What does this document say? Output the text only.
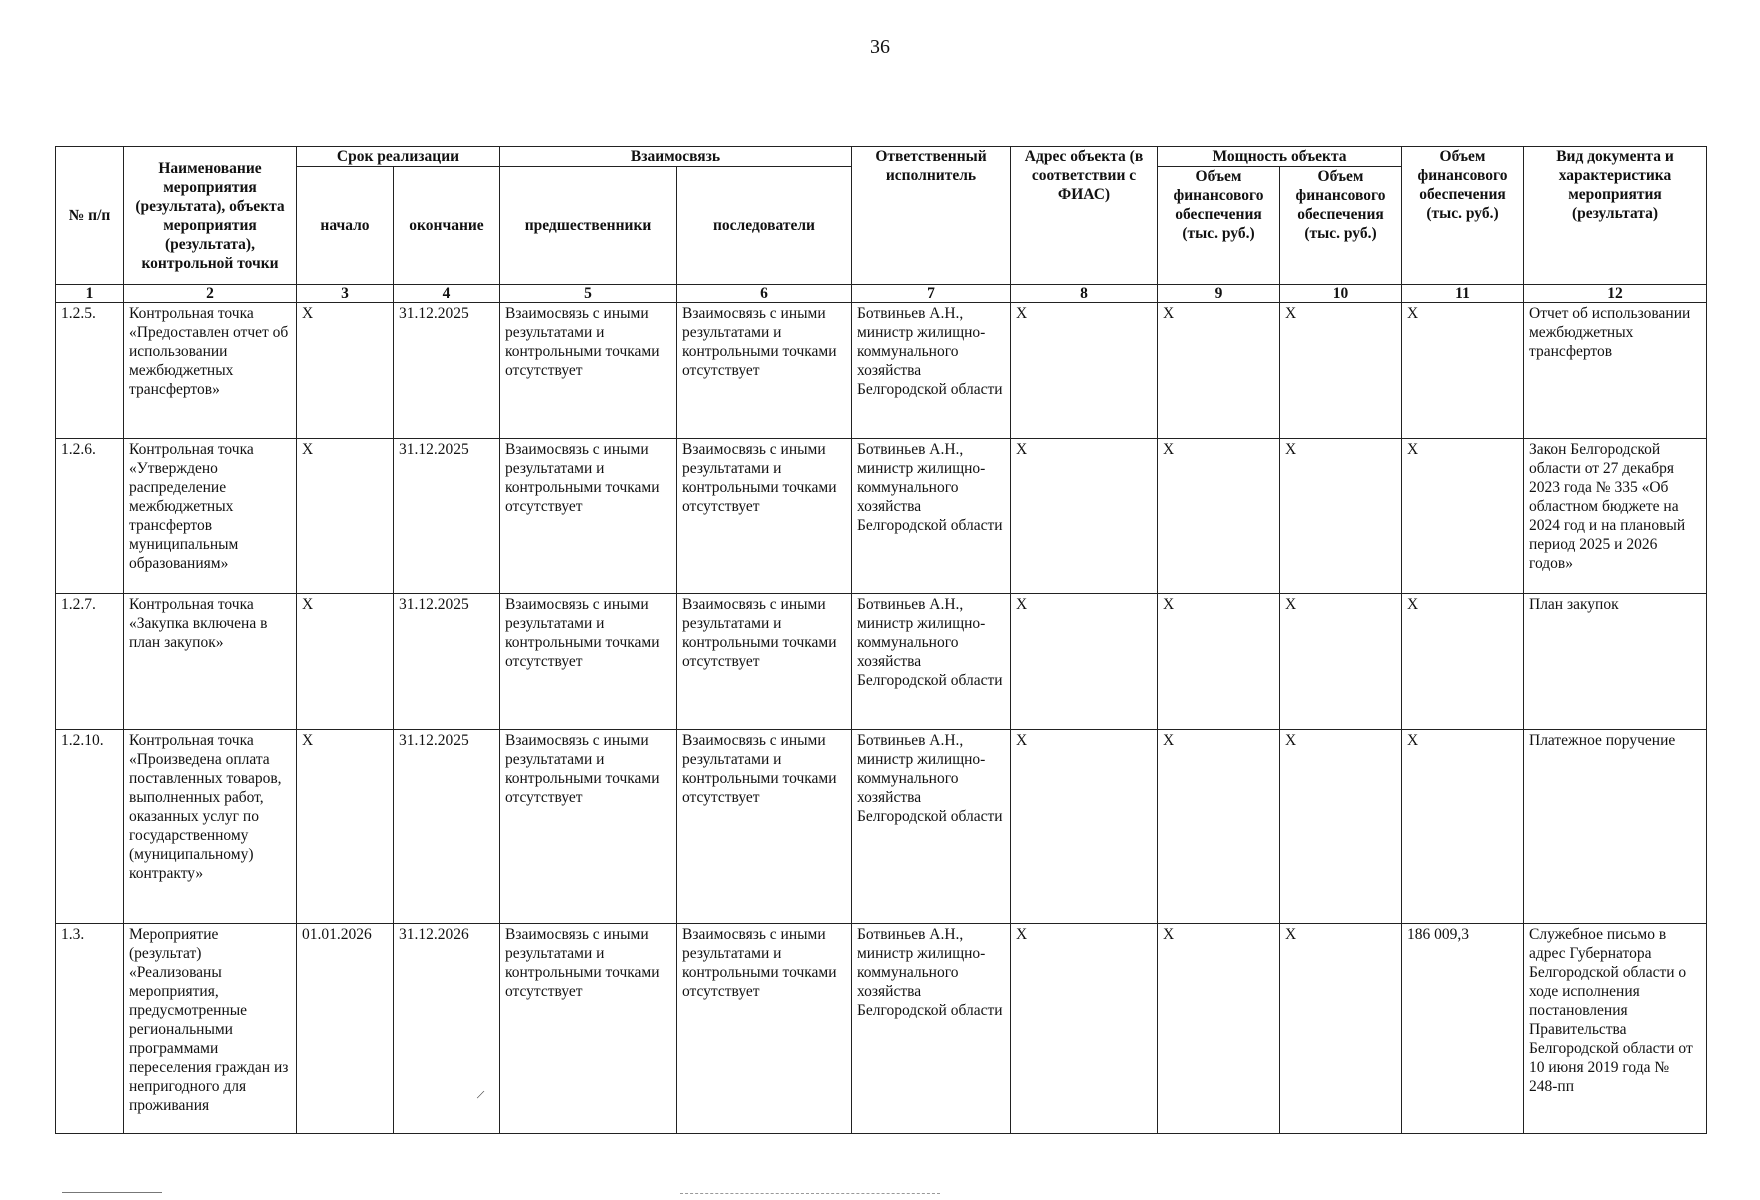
36
№ п/п	Наименование мероприятия (результата), объекта мероприятия (результата), контрольной точки	Срок реализации		Взаимосвязь		Ответственный исполнитель	Адрес объекта (в соответствии с ФИАС)	Мощность объекта		Объем финансового обеспечения (тыс. руб.)	Вид документа и характеристика мероприятия (результата)
		начало	окончание	предшественники	последователи			Объем финансового обеспечения (тыс. руб.)	Объем финансового обеспечения (тыс. руб.)		
1	2	3	4	5	6	7	8	9	10	11	12
1.2.5.	Контрольная точка «Предоставлен отчет об использовании межбюджетных трансфертов»	X	31.12.2025	Взаимосвязь с иными результатами и контрольными точками отсутствует	Взаимосвязь с иными результатами и контрольными точками отсутствует	Ботвиньев А.Н., министр жилищно-коммунального хозяйства Белгородской области	X	X	X	X	Отчет об использовании межбюджетных трансфертов
1.2.6.	Контрольная точка «Утверждено распределение межбюджетных трансфертов муниципальным образованиям»	X	31.12.2025	Взаимосвязь с иными результатами и контрольными точками отсутствует	Взаимосвязь с иными результатами и контрольными точками отсутствует	Ботвиньев А.Н., министр жилищно-коммунального хозяйства Белгородской области	X	X	X	X	Закон Белгородской области от 27 декабря 2023 года № 335 «Об областном бюджете на 2024 год и на плановый период 2025 и 2026 годов»
1.2.7.	Контрольная точка «Закупка включена в план закупок»	X	31.12.2025	Взаимосвязь с иными результатами и контрольными точками отсутствует	Взаимосвязь с иными результатами и контрольными точками отсутствует	Ботвиньев А.Н., министр жилищно-коммунального хозяйства Белгородской области	X	X	X	X	План закупок
1.2.10.	Контрольная точка «Произведена оплата поставленных товаров, выполненных работ, оказанных услуг по государственному (муниципальному) контракту»	X	31.12.2025	Взаимосвязь с иными результатами и контрольными точками отсутствует	Взаимосвязь с иными результатами и контрольными точками отсутствует	Ботвиньев А.Н., министр жилищно-коммунального хозяйства Белгородской области	X	X	X	X	Платежное поручение
1.3.	Мероприятие (результат) «Реализованы мероприятия, предусмотренные региональными программами переселения граждан из непригодного для проживания	01.01.2026	31.12.2026	Взаимосвязь с иными результатами и контрольными точками отсутствует	Взаимосвязь с иными результатами и контрольными точками отсутствует	Ботвиньев А.Н., министр жилищно-коммунального хозяйства Белгородской области	X	X	X	186 009,3	Служебное письмо в адрес Губернатора Белгородской области о ходе исполнения постановления Правительства Белгородской области от 10 июня 2019 года № 248-пп
/
